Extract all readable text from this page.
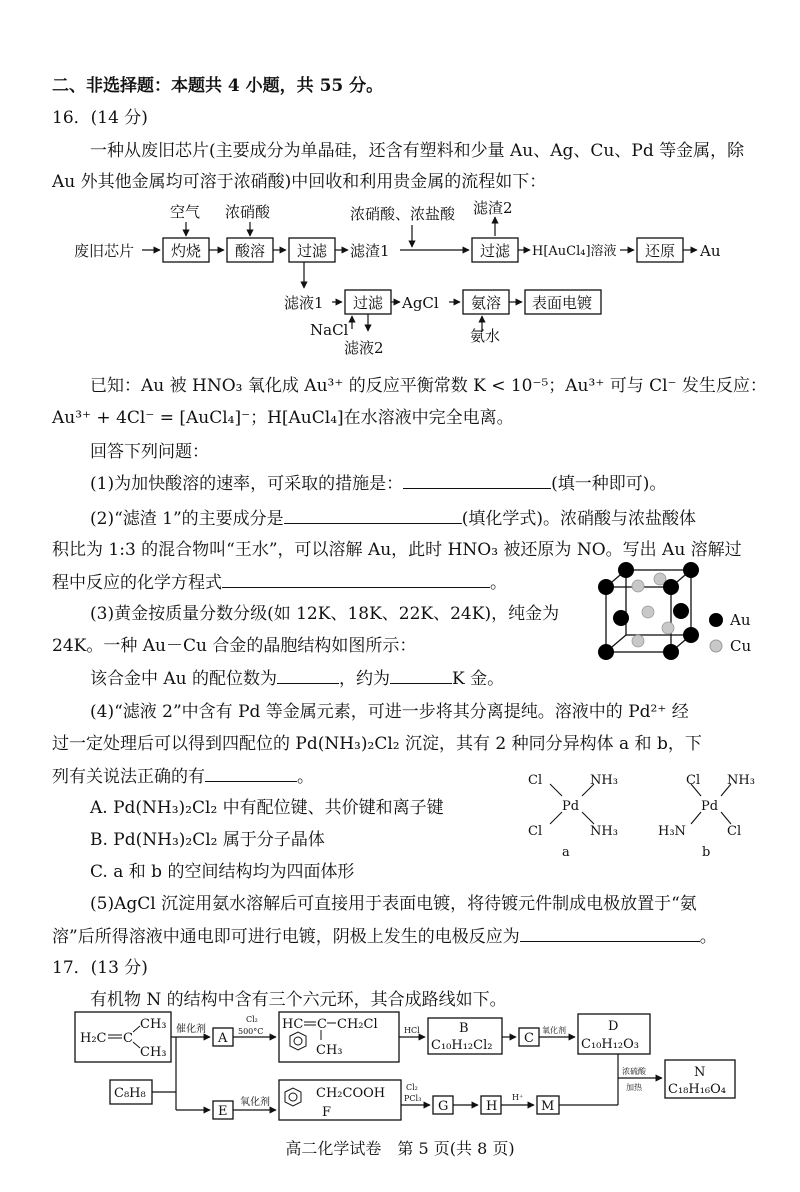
二、非选择题：本题共 4 小题，共 55 分。
16．(14 分)
一种从废旧芯片(主要成分为单晶硅，还含有塑料和少量 Au、Ag、Cu、Pd 等金属，除
Au 外其他金属均可溶于浓硝酸)中回收和利用贵金属的流程如下：
废旧芯片 灼烧
空气
酸溶
浓硝酸
过滤 滤渣1
浓硝酸、浓盐酸
过滤
滤渣2
H[AuCl₄]溶液 还原 Au
滤液1 过滤
NaCl
滤液2
AgCl 氨溶
氨水
表面电镀
已知：Au 被 HNO₃ 氧化成 Au³⁺ 的反应平衡常数 K < 10⁻⁵；Au³⁺ 可与 Cl⁻ 发生反应：
Au³⁺ + 4Cl⁻ = [AuCl₄]⁻；H[AuCl₄]在水溶液中完全电离。
回答下列问题：
(1)为加快酸溶的速率，可采取的措施是：	(填一种即可)。
(2)“滤渣 1”的主要成分是	(填化学式)。浓硝酸与浓盐酸体
积比为 1:3 的混合物叫“王水”，可以溶解 Au，此时 HNO₃ 被还原为 NO。写出 Au 溶解过
程中反应的化学方程式	。
(3)黄金按质量分数分级(如 12K、18K、22K、24K)，纯金为
24K。一种 Au－Cu 合金的晶胞结构如图所示：
该合金中 Au 的配位数为	，约为	K 金。
Au
Cu
(4)“滤液 2”中含有 Pd 等金属元素，可进一步将其分离提纯。溶液中的 Pd²⁺ 经
过一定处理后可以得到四配位的 Pd(NH₃)₂Cl₂ 沉淀，其有 2 种同分异构体 a 和 b，下
列有关说法正确的有	。
A. Pd(NH₃)₂Cl₂ 中有配位键、共价键和离子键
B. Pd(NH₃)₂Cl₂ 属于分子晶体
C. a 和 b 的空间结构均为四面体形
Cl	NH₃
Pd
Cl	NH₃
a
Cl NH₃
Pd
H₃N	Cl
b
(5)AgCl 沉淀用氨水溶解后可直接用于表面电镀，将待镀元件制成电极放置于“氨
溶”后所得溶液中通电即可进行电镀，阴极上发生的电极反应为	。
17．(13 分)
有机物 N 的结构中含有三个六元环，其合成路线如下。
H₂C C
CH₃
CH₃
C₈H₈
催化剂
A
Cl₂
500°C HC C CH₂Cl
CH₃
HCl	B
C₁₀H₁₂Cl₂ C
氧化剂	D
C₁₀H₁₂O₃
E
氧化剂
CH₂COOH
F
Cl₂
PCl₃
G	H
H⁺
M
浓硫酸
加热
N
C₁₈H₁₆O₄
高二化学试卷　第 5 页(共 8 页)
